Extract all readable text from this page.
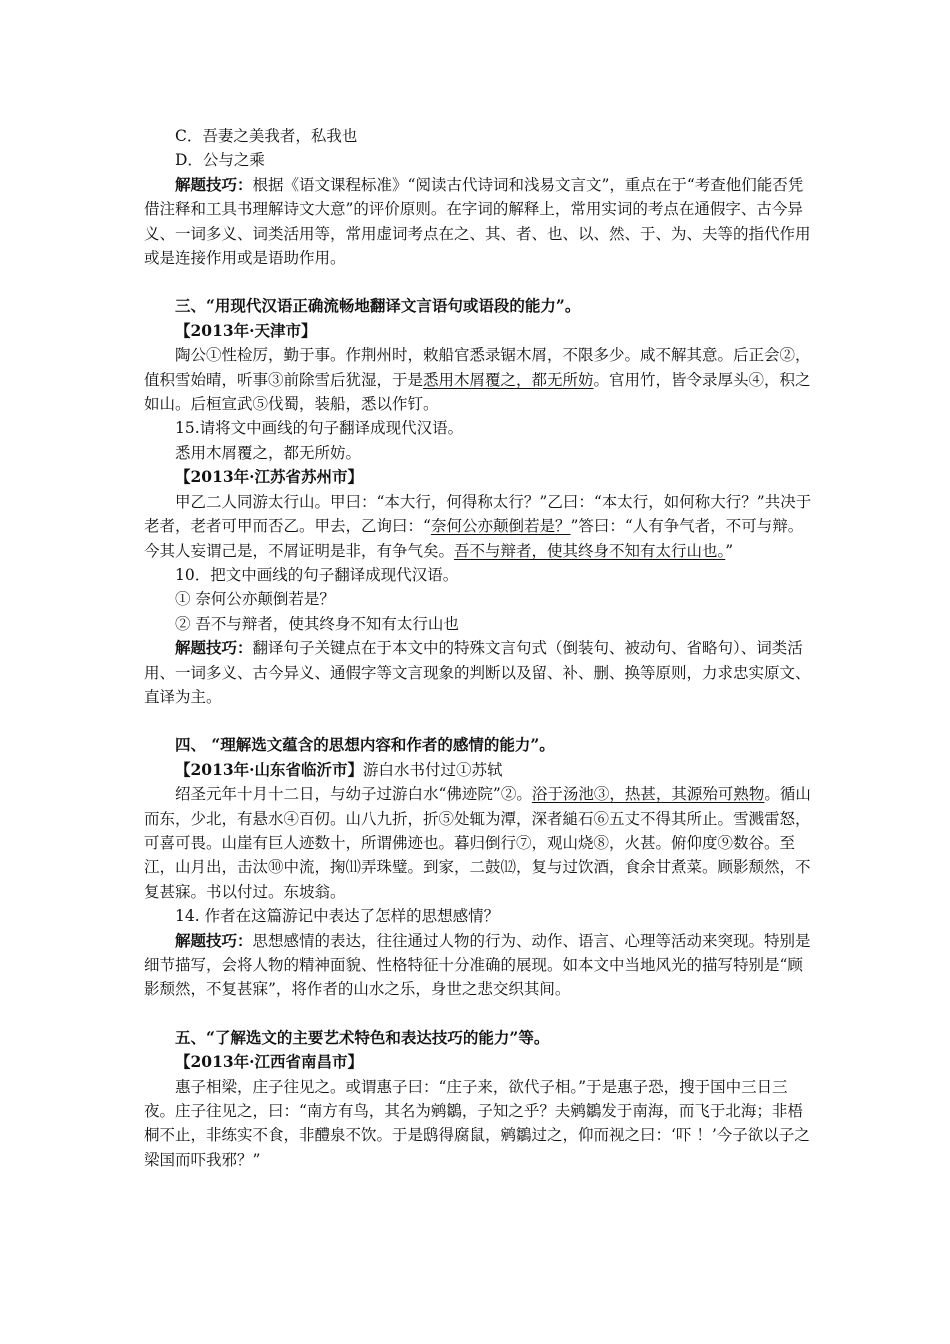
C．吾妻之美我者，私我也

D．公与之乘

解题技巧：根据《语文课程标准》“阅读古代诗词和浅易文言文”，重点在于“考查他们能否凭借注释和工具书理解诗文大意”的评价原则。在字词的解释上，常用实词的考点在通假字、古今异义、一词多义、词类活用等，常用虚词考点在之、其、者、也、以、然、于、为、夫等的指代作用或是连接作用或是语助作用。

三、“用现代汉语正确流畅地翻译文言语句或语段的能力”。

【2013年·天津市】

陶公①性检厉，勤于事。作荆州时，敕船官悉录锯木屑，不限多少。咸不解其意。后正会②，值积雪始晴，听事③前除雪后犹湿，于是悉用木屑覆之，都无所妨。官用竹，皆令录厚头④，积之如山。后桓宣武⑤伐蜀，装船，悉以作钉。

15.请将文中画线的句子翻译成现代汉语。

悉用木屑覆之，都无所妨。

【2013年·江苏省苏州市】

甲乙二人同游太行山。甲曰：“本大行，何得称太行？”乙曰：“本太行，如何称大行？”共决于老者，老者可甲而否乙。甲去，乙询曰：“奈何公亦颠倒若是？”答曰：“人有争气者，不可与辩。今其人妄谓己是，不屑证明是非，有争气矣。吾不与辩者，使其终身不知有太行山也。”

10．把文中画线的句子翻译成现代汉语。

① 奈何公亦颠倒若是？

② 吾不与辩者，使其终身不知有太行山也

解题技巧：翻译句子关键点在于本文中的特殊文言句式（倒装句、被动句、省略句）、词类活用、一词多义、古今异义、通假字等文言现象的判断以及留、补、删、换等原则，力求忠实原文、直译为主。

四、 “理解选文蕴含的思想内容和作者的感情的能力”。

【2013年·山东省临沂市】游白水书付过①苏轼

绍圣元年十月十二日，与幼子过游白水“佛迹院”②。浴于汤池③，热甚，其源殆可熟物。循山而东，少北，有悬水④百仞。山八九折，折⑤处辄为潭，深者縋石⑥五丈不得其所止。雪溅雷怒，可喜可畏。山崖有巨人迹数十，所谓佛迹也。暮归倒行⑦，观山烧⑧，火甚。俯仰度⑨数谷。至江，山月出，击汰⑩中流，掬⑾弄珠璧。到家，二鼓⑿，复与过饮酒，食余甘煮菜。顾影颓然，不复甚寐。书以付过。东坡翁。

14. 作者在这篇游记中表达了怎样的思想感情？

解题技巧：思想感情的表达，往往通过人物的行为、动作、语言、心理等活动来突现。特别是细节描写，会将人物的精神面貌、性格特征十分准确的展现。如本文中当地风光的描写特别是“顾影颓然，不复甚寐”，将作者的山水之乐，身世之悲交织其间。

五、“了解选文的主要艺术特色和表达技巧的能力”等。

【2013年·江西省南昌市】

惠子相梁，庄子往见之。或谓惠子曰：“庄子来，欲代子相。”于是惠子恐，搜于国中三日三夜。庄子往见之，曰：“南方有鸟，其名为鹓鶵，子知之乎？夫鹓鶵发于南海，而飞于北海；非梧桐不止，非练实不食，非醴泉不饮。于是鸱得腐鼠，鹓鶵过之，仰而视之曰：‘吓 ！’今子欲以子之梁国而吓我邪？”
